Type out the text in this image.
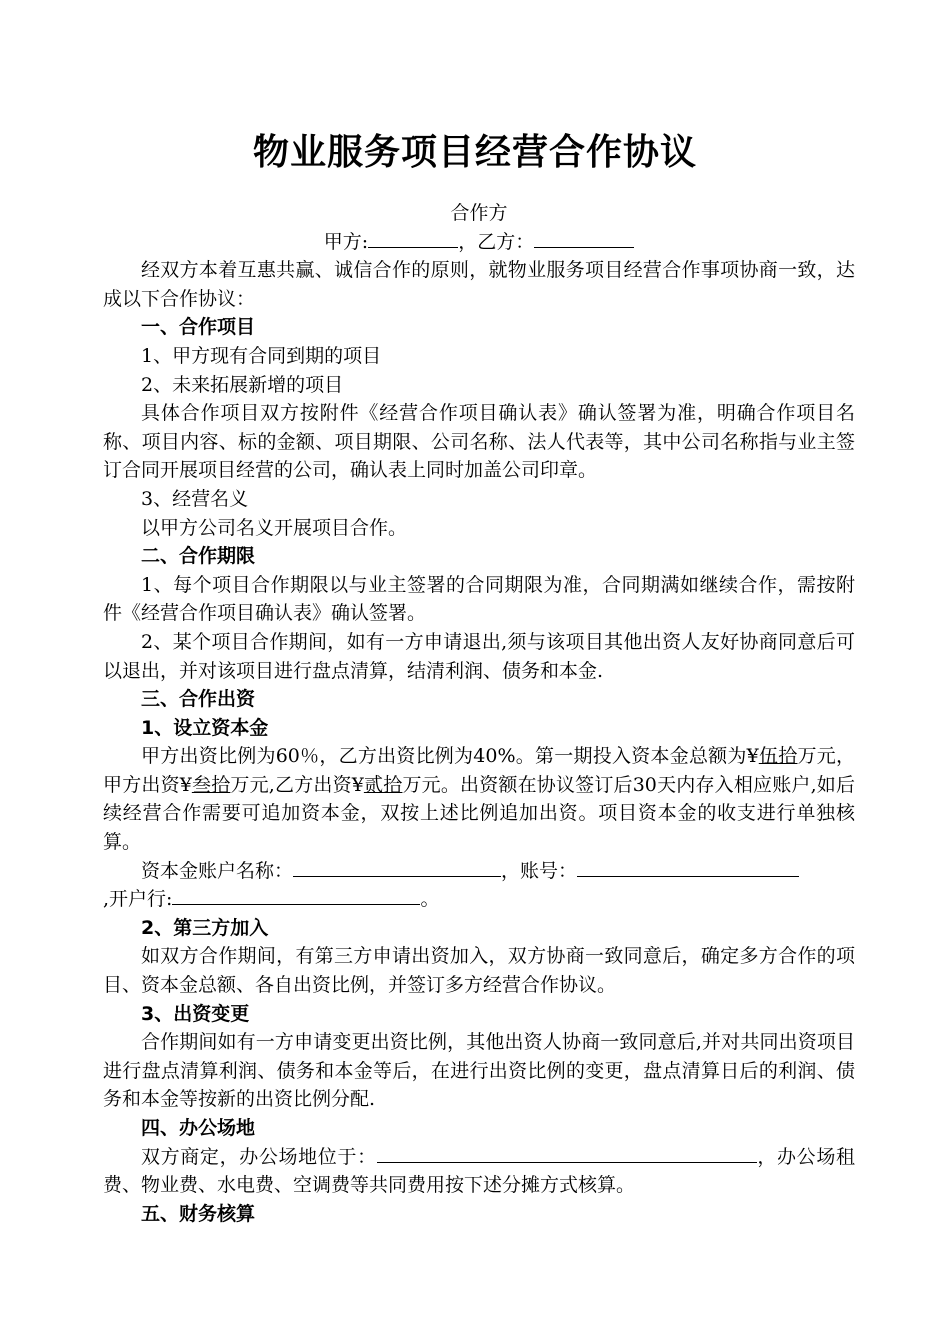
物业服务项目经营合作协议
合作方
甲方:	，乙方：
经双方本着互惠共赢、诚信合作的原则，就物业服务项目经营合作事项协商一致，达成以下合作协议：
一、合作项目
1、甲方现有合同到期的项目
2、未来拓展新增的项目
具体合作项目双方按附件《经营合作项目确认表》确认签署为准，明确合作项目名称、项目内容、标的金额、项目期限、公司名称、法人代表等，其中公司名称指与业主签订合同开展项目经营的公司，确认表上同时加盖公司印章。
3、经营名义
以甲方公司名义开展项目合作。
二、合作期限
1、每个项目合作期限以与业主签署的合同期限为准，合同期满如继续合作，需按附件《经营合作项目确认表》确认签署。
2、某个项目合作期间，如有一方申请退出,须与该项目其他出资人友好协商同意后可以退出，并对该项目进行盘点清算，结清利润、债务和本金.
三、合作出资
1、设立资本金
甲方出资比例为60％，乙方出资比例为40%。第一期投入资本金总额为¥伍拾万元，甲方出资¥叁拾万元,乙方出资¥贰拾万元。出资额在协议签订后30天内存入相应账户,如后续经营合作需要可追加资本金，双按上述比例追加出资。项目资本金的收支进行单独核算。
资本金账户名称：	，账号：
,开户行:	。
2、第三方加入
如双方合作期间，有第三方申请出资加入，双方协商一致同意后，确定多方合作的项目、资本金总额、各自出资比例，并签订多方经营合作协议。
3、出资变更
合作期间如有一方申请变更出资比例，其他出资人协商一致同意后,并对共同出资项目进行盘点清算利润、债务和本金等后，在进行出资比例的变更，盘点清算日后的利润、债务和本金等按新的出资比例分配.
四、办公场地
双方商定，办公场地位于：	，办公场租费、物业费、水电费、空调费等共同费用按下述分摊方式核算。
五、财务核算
